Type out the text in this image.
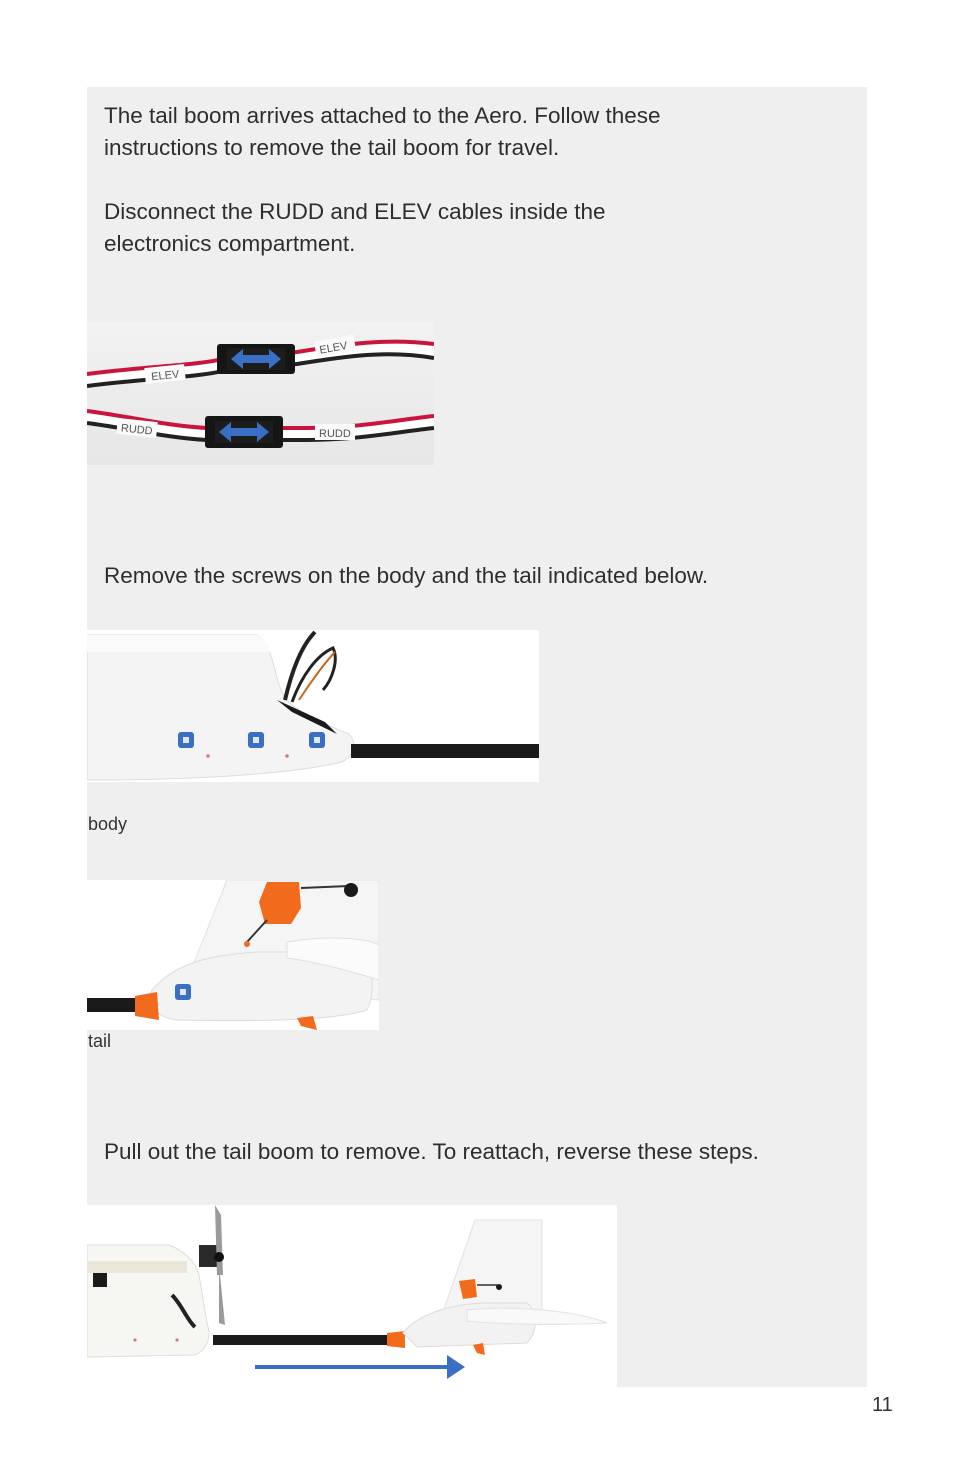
The tail boom arrives attached to the Aero. Follow these
instructions to remove the tail boom for travel.

Disconnect the RUDD and ELEV cables inside the
electronics compartment.

ELEV
ELEV
RUDD	RUDD

Remove the screws on the body and the tail indicated below.

body

tail

Pull out the tail boom to remove. To reattach, reverse these steps.

11
